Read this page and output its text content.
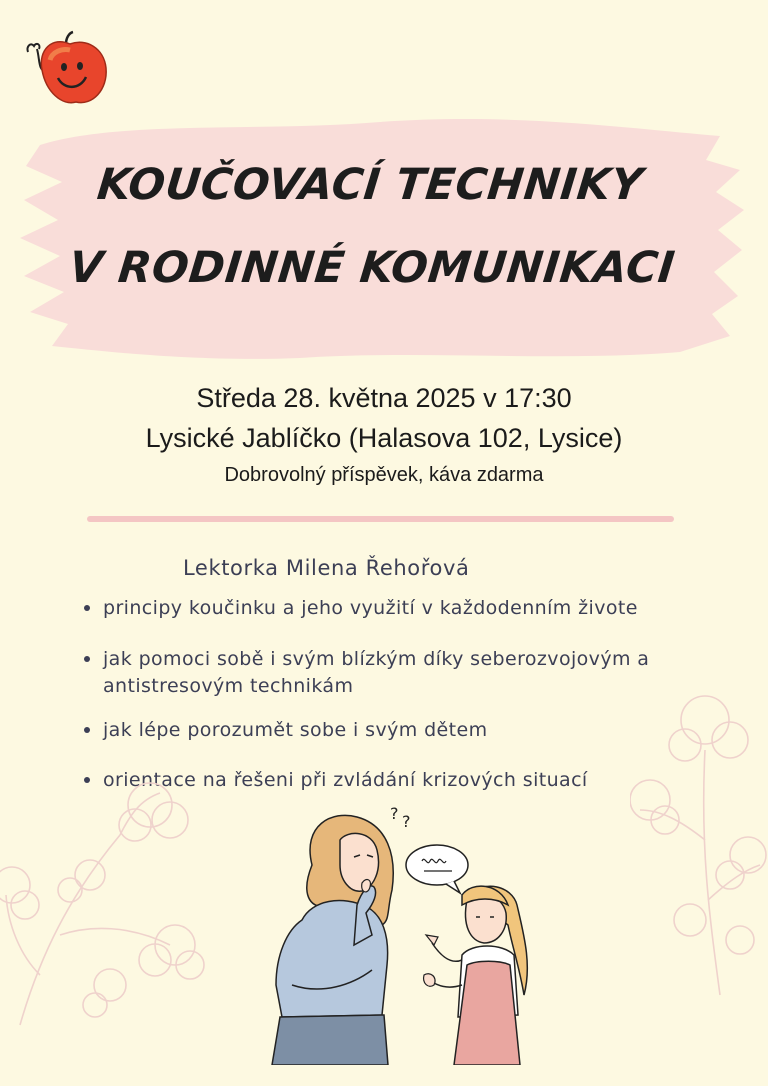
KOUČOVACÍ TECHNIKY
V RODINNÉ KOMUNIKACI
Středa 28. května 2025 v 17:30
Lysické Jablíčko (Halasova 102, Lysice)
Dobrovolný příspěvek, káva zdarma
Lektorka Milena Řehořová
principy koučinku a jeho využití v každodenním živote
jak pomoci sobě i svým blízkým díky seberozvojovým a antistresovým technikám
jak lépe porozumět sobe i svým dětem
orientace na řešeni při zvládání krizových situací
? ?
